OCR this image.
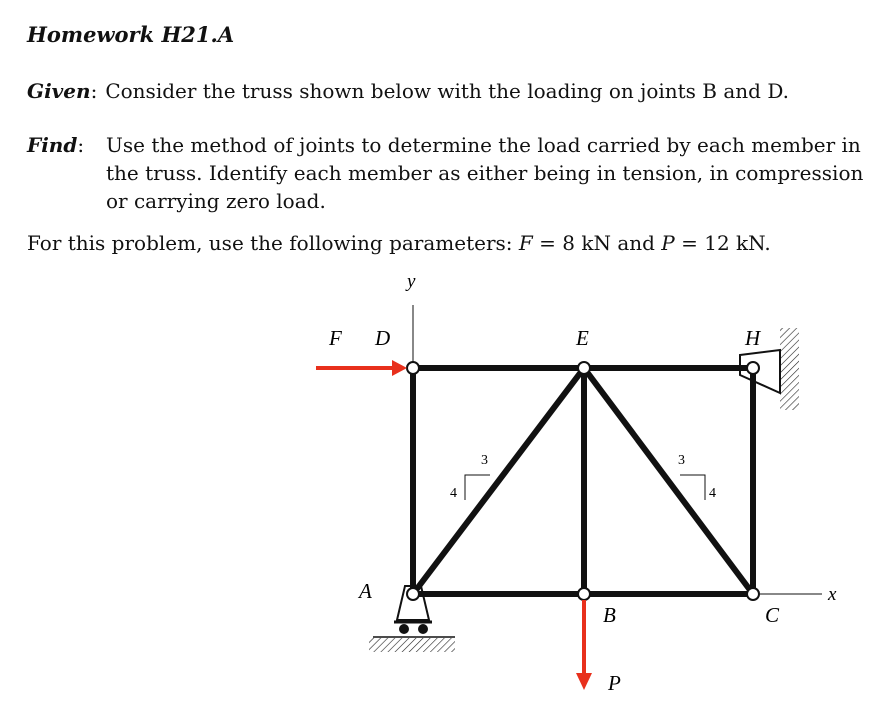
Homework H21.A
Given: Consider the truss shown below with the loading on joints B and D.
Find: Use the method of joints to determine the load carried by each member in the truss. Identify each member as either being in tension, in compression or carrying zero load.
For this problem, use the following parameters: F = 8 kN and P = 12 kN.
y
x
3
4
3
4
F D	E	H
A
B	C
P
